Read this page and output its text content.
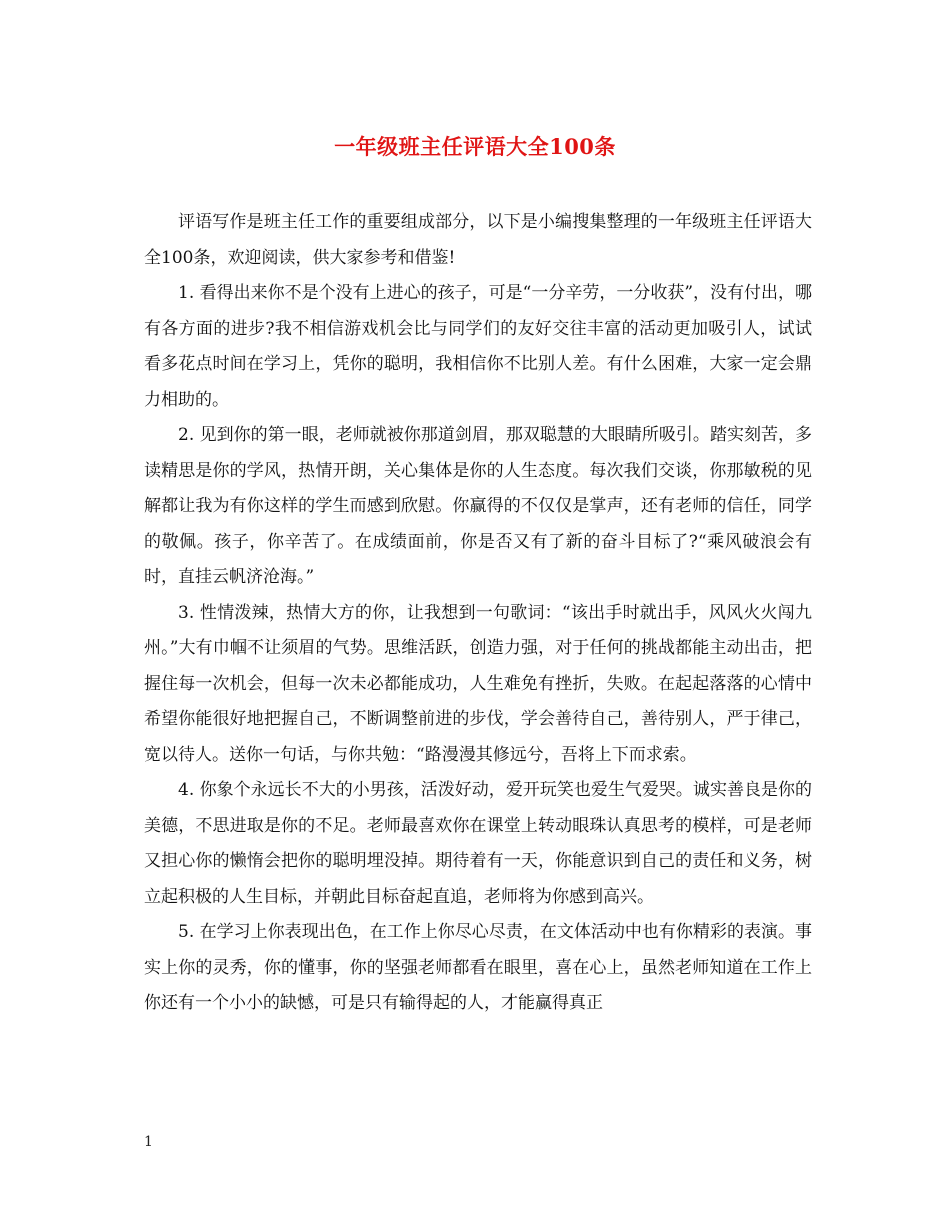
一年级班主任评语大全100条

评语写作是班主任工作的重要组成部分，以下是小编搜集整理的一年级班主任评语大全100条，欢迎阅读，供大家参考和借鉴!

1. 看得出来你不是个没有上进心的孩子，可是“一分辛劳，一分收获”，没有付出，哪有各方面的进步?我不相信游戏机会比与同学们的友好交往丰富的活动更加吸引人，试试看多花点时间在学习上，凭你的聪明，我相信你不比别人差。有什么困难，大家一定会鼎力相助的。

2. 见到你的第一眼，老师就被你那道剑眉，那双聪慧的大眼睛所吸引。踏实刻苦，多读精思是你的学风，热情开朗，关心集体是你的人生态度。每次我们交谈，你那敏税的见解都让我为有你这样的学生而感到欣慰。你赢得的不仅仅是掌声，还有老师的信任，同学的敬佩。孩子，你辛苦了。在成绩面前，你是否又有了新的奋斗目标了?“乘风破浪会有时，直挂云帆济沧海。”

3. 性情泼辣，热情大方的你，让我想到一句歌词：“该出手时就出手，风风火火闯九州。”大有巾帼不让须眉的气势。思维活跃，创造力强，对于任何的挑战都能主动出击，把握住每一次机会，但每一次未必都能成功，人生难免有挫折，失败。在起起落落的心情中希望你能很好地把握自己，不断调整前进的步伐，学会善待自己，善待别人，严于律己，宽以待人。送你一句话，与你共勉：“路漫漫其修远兮，吾将上下而求索。

4. 你象个永远长不大的小男孩，活泼好动，爱开玩笑也爱生气爱哭。诚实善良是你的美德，不思进取是你的不足。老师最喜欢你在课堂上转动眼珠认真思考的模样，可是老师又担心你的懒惰会把你的聪明埋没掉。期待着有一天，你能意识到自己的责任和义务，树立起积极的人生目标，并朝此目标奋起直追，老师将为你感到高兴。

5. 在学习上你表现出色，在工作上你尽心尽责，在文体活动中也有你精彩的表演。事实上你的灵秀，你的懂事，你的坚强老师都看在眼里，喜在心上，虽然老师知道在工作上你还有一个小小的缺憾，可是只有输得起的人，才能赢得真正

1
